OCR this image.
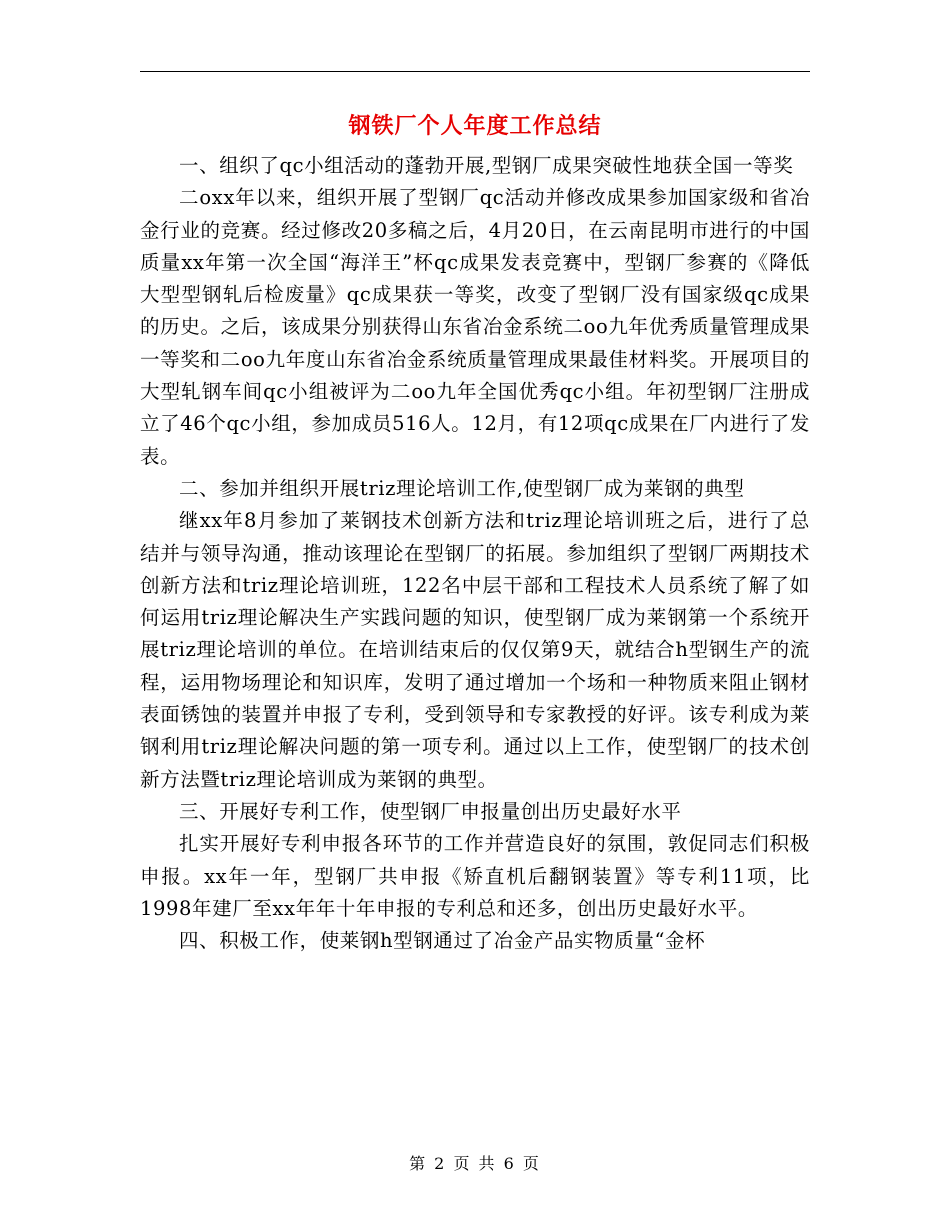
钢铁厂个人年度工作总结

一、组织了qc小组活动的蓬勃开展,型钢厂成果突破性地获全国一等奖

二oxx年以来，组织开展了型钢厂qc活动并修改成果参加国家级和省冶金行业的竞赛。经过修改20多稿之后，4月20日，在云南昆明市进行的中国质量xx年第一次全国“海洋王”杯qc成果发表竞赛中，型钢厂参赛的《降低大型型钢轧后检废量》qc成果获一等奖，改变了型钢厂没有国家级qc成果的历史。之后，该成果分别获得山东省冶金系统二oo九年优秀质量管理成果一等奖和二oo九年度山东省冶金系统质量管理成果最佳材料奖。开展项目的大型轧钢车间qc小组被评为二oo九年全国优秀qc小组。年初型钢厂注册成立了46个qc小组，参加成员516人。12月，有12项qc成果在厂内进行了发表。

二、参加并组织开展triz理论培训工作,使型钢厂成为莱钢的典型

继xx年8月参加了莱钢技术创新方法和triz理论培训班之后，进行了总结并与领导沟通，推动该理论在型钢厂的拓展。参加组织了型钢厂两期技术创新方法和triz理论培训班，122名中层干部和工程技术人员系统了解了如何运用triz理论解决生产实践问题的知识，使型钢厂成为莱钢第一个系统开展triz理论培训的单位。在培训结束后的仅仅第9天，就结合h型钢生产的流程，运用物场理论和知识库，发明了通过增加一个场和一种物质来阻止钢材表面锈蚀的装置并申报了专利，受到领导和专家教授的好评。该专利成为莱钢利用triz理论解决问题的第一项专利。通过以上工作，使型钢厂的技术创新方法暨triz理论培训成为莱钢的典型。

三、开展好专利工作，使型钢厂申报量创出历史最好水平

扎实开展好专利申报各环节的工作并营造良好的氛围，敦促同志们积极申报。xx年一年，型钢厂共申报《矫直机后翻钢装置》等专利11项，比1998年建厂至xx年年十年申报的专利总和还多，创出历史最好水平。

四、积极工作，使莱钢h型钢通过了冶金产品实物质量“金杯

第 2 页 共 6 页
